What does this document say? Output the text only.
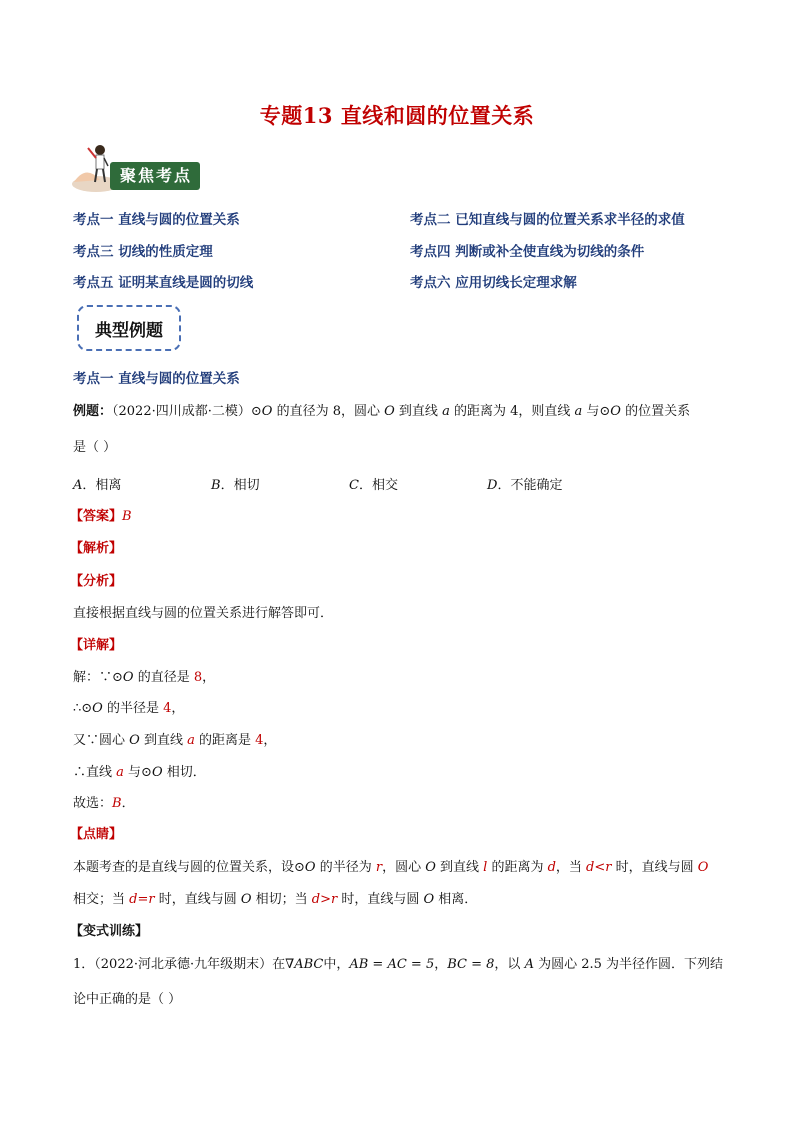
专题13 直线和圆的位置关系
聚焦考点
考点一 直线与圆的位置关系	考点二 已知直线与圆的位置关系求半径的求值
考点三 切线的性质定理	考点四 判断或补全使直线为切线的条件
考点五 证明某直线是圆的切线	考点六 应用切线长定理求解
典型例题
考点一 直线与圆的位置关系
例题：（2022·四川成都·二模）⊙O 的直径为 8，圆心 O 到直线 a 的距离为 4，则直线 a 与⊙O 的位置关系
是（ ）
A．相离	B．相切	C．相交	D．不能确定
【答案】B
【解析】
【分析】
直接根据直线与圆的位置关系进行解答即可．
【详解】
解：∵⊙O 的直径是 8，
∴⊙O 的半径是 4，
又∵圆心 O 到直线 a 的距离是 4，
∴直线 a 与⊙O 相切．
故选：B．
【点睛】
本题考查的是直线与圆的位置关系，设⊙O 的半径为 r，圆心 O 到直线 l 的距离为 d，当 d<r 时，直线与圆 O
相交；当 d=r 时，直线与圆 O 相切；当 d>r 时，直线与圆 O 相离．
【变式训练】
1．（2022·河北承德·九年级期末）在∇ABC中，AB = AC = 5，BC = 8，以 A 为圆心 2.5 为半径作圆．下列结
论中正确的是（ ）
